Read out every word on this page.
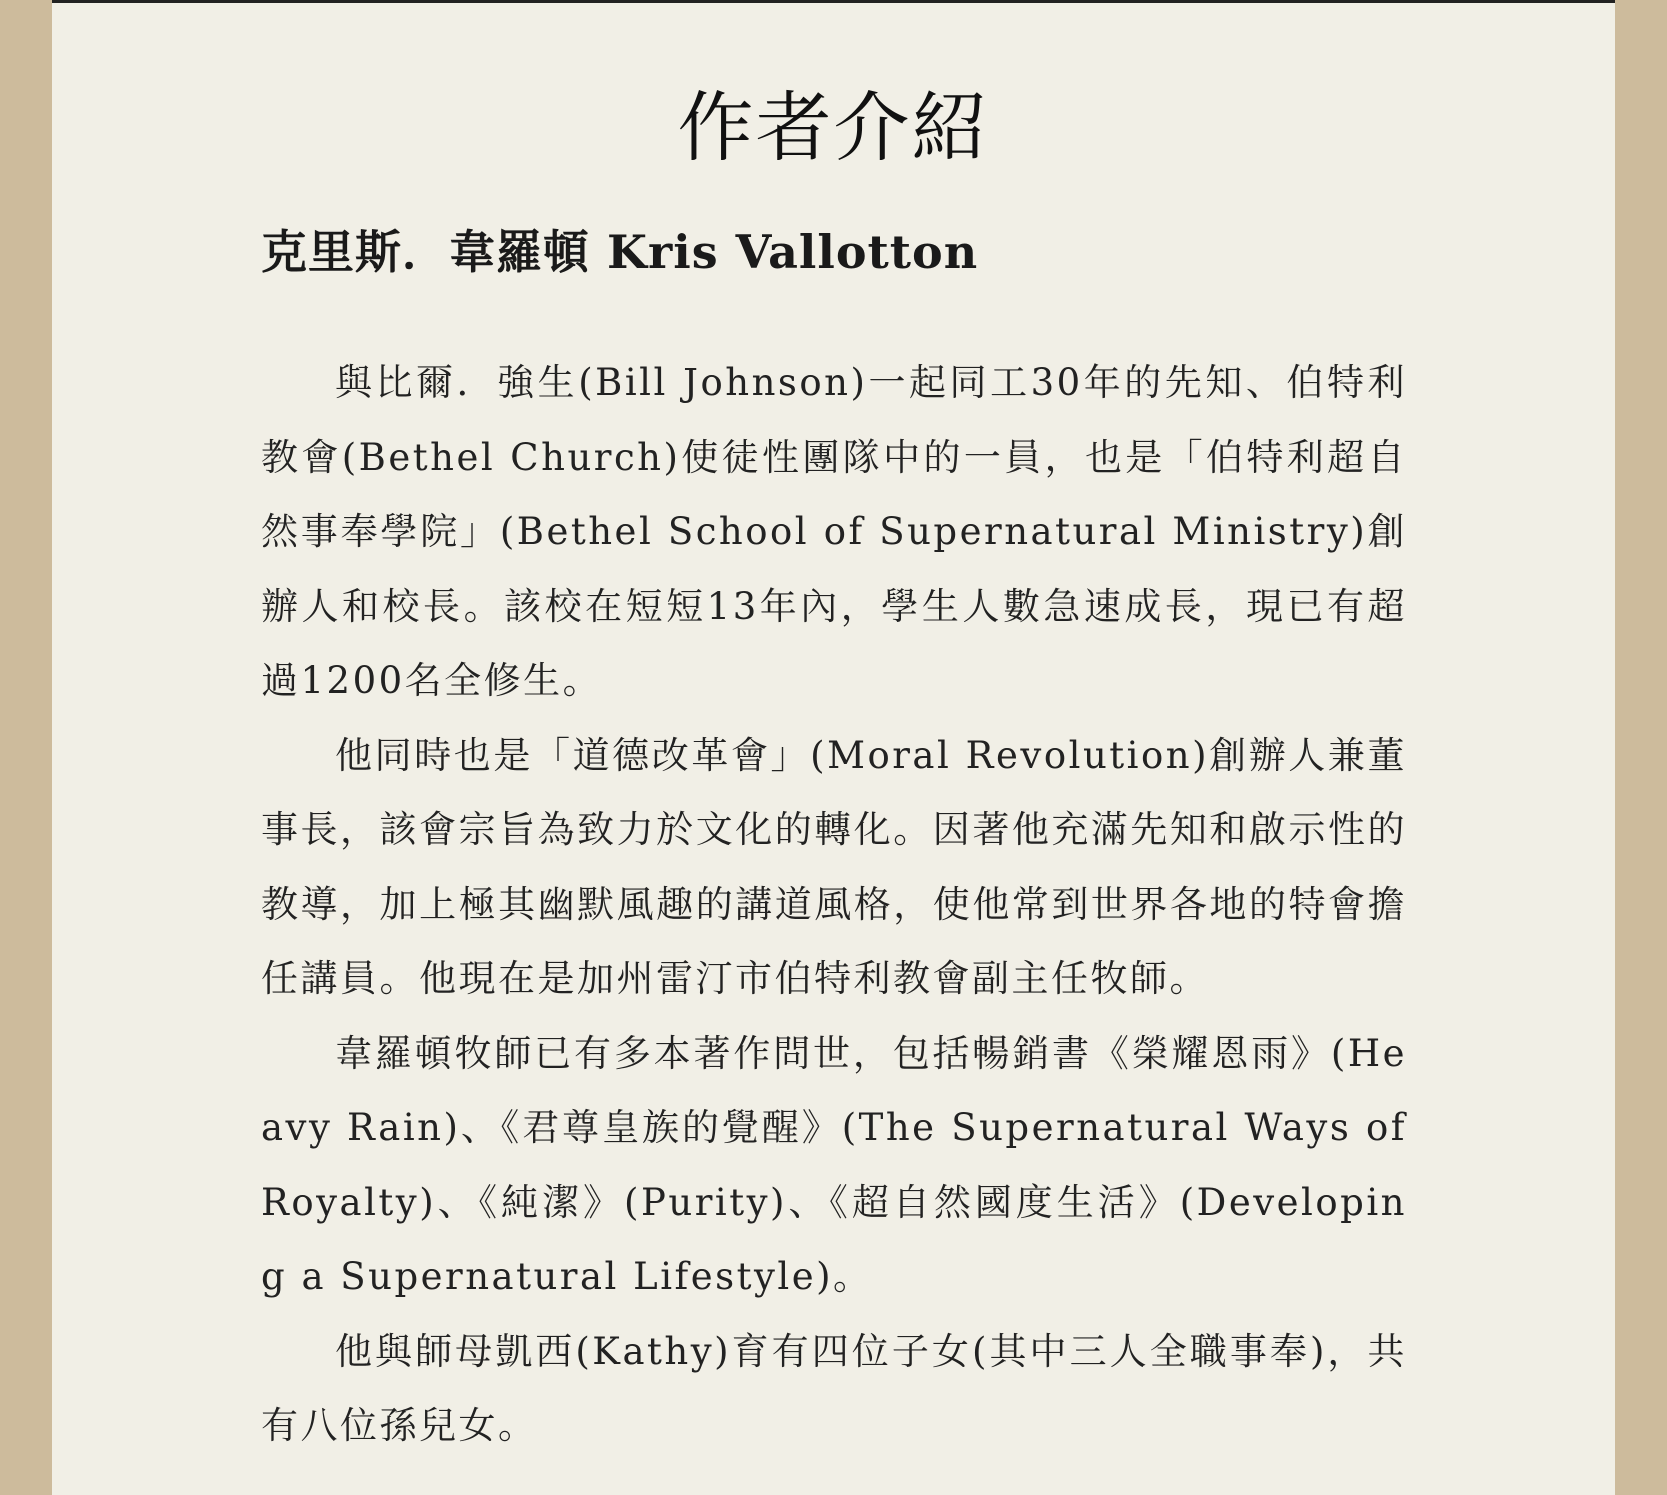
作者介紹
克里斯．韋羅頓 Kris Vallotton

與比爾．強生(Bill Johnson)一起同工30年的先知、伯特利教會(Bethel Church)使徒性團隊中的一員，也是「伯特利超自然事奉學院」(Bethel School of Supernatural Ministry)創辦人和校長。該校在短短13年內，學生人數急速成長，現已有超過1200名全修生。

他同時也是「道德改革會」(Moral Revolution)創辦人兼董事長，該會宗旨為致力於文化的轉化。因著他充滿先知和啟示性的教導，加上極其幽默風趣的講道風格，使他常到世界各地的特會擔任講員。他現在是加州雷汀市伯特利教會副主任牧師。

韋羅頓牧師已有多本著作問世，包括暢銷書《榮耀恩雨》(Heavy Rain)、《君尊皇族的覺醒》(The Supernatural Ways of Royalty)、《純潔》(Purity)、《超自然國度生活》(Developing a Supernatural Lifestyle)。

他與師母凱西(Kathy)育有四位子女(其中三人全職事奉)，共有八位孫兒女。
